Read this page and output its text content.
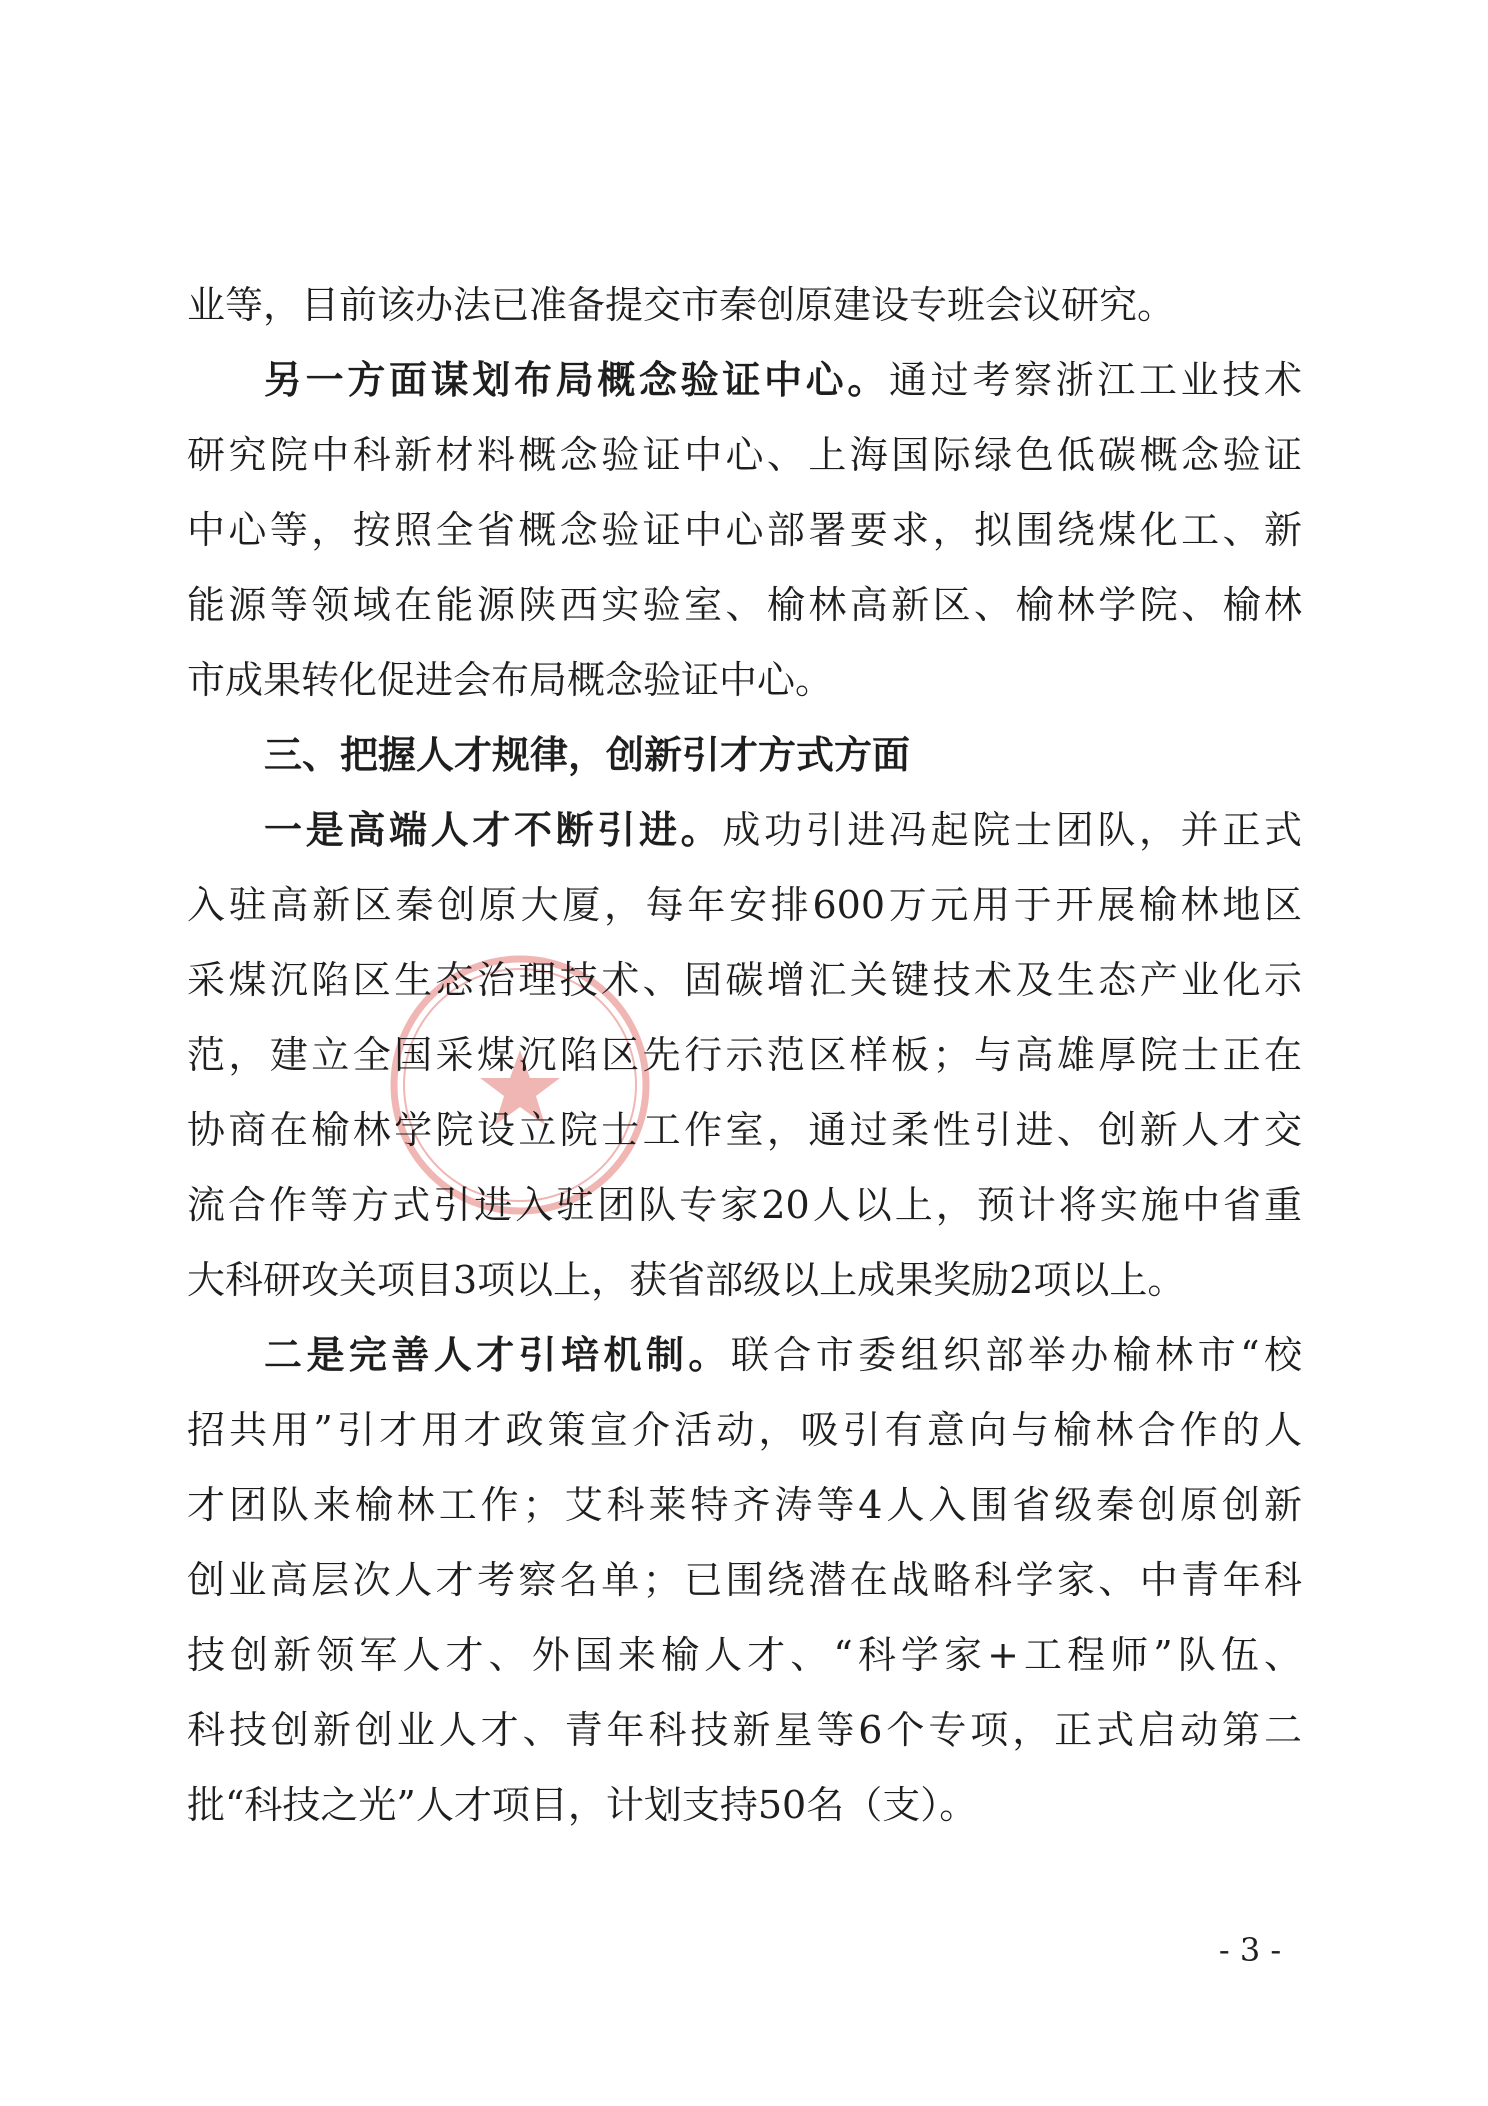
业等，目前该办法已准备提交市秦创原建设专班会议研究。
另一方面谋划布局概念验证中心。通过考察浙江工业技术
研究院中科新材料概念验证中心、上海国际绿色低碳概念验证
中心等，按照全省概念验证中心部署要求，拟围绕煤化工、新
能源等领域在能源陕西实验室、榆林高新区、榆林学院、榆林
市成果转化促进会布局概念验证中心。
三、把握人才规律，创新引才方式方面
一是高端人才不断引进。成功引进冯起院士团队，并正式
入驻高新区秦创原大厦，每年安排600万元用于开展榆林地区
采煤沉陷区生态治理技术、固碳增汇关键技术及生态产业化示
范，建立全国采煤沉陷区先行示范区样板；与高雄厚院士正在
协商在榆林学院设立院士工作室，通过柔性引进、创新人才交
流合作等方式引进入驻团队专家20人以上，预计将实施中省重
大科研攻关项目3项以上，获省部级以上成果奖励2项以上。
二是完善人才引培机制。联合市委组织部举办榆林市“校
招共用”引才用才政策宣介活动，吸引有意向与榆林合作的人
才团队来榆林工作；艾科莱特齐涛等4人入围省级秦创原创新
创业高层次人才考察名单；已围绕潜在战略科学家、中青年科
技创新领军人才、外国来榆人才、“科学家+工程师”队伍、
科技创新创业人才、青年科技新星等6个专项，正式启动第二
批“科技之光”人才项目，计划支持50名（支）。
- 3 -
